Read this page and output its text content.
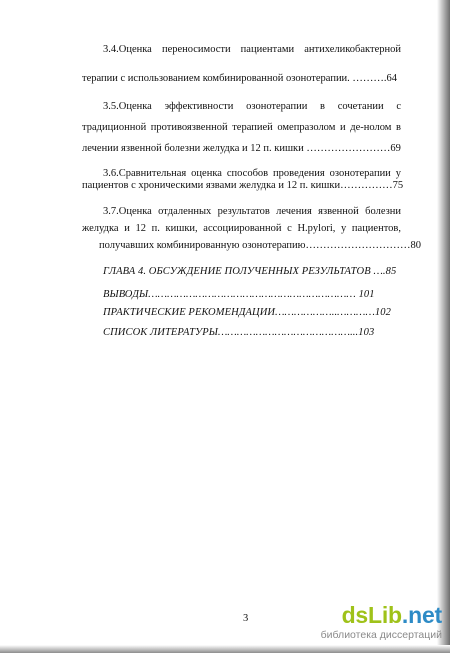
3.4.Оценка переносимости пациентами антихеликобактерной
терапии с использованием комбинированной озонотерапии. ……….64
3.5.Оценка эффективности озонотерапии в сочетании с
традиционной противоязвенной терапией омепразолом и де-нолом в
лечении язвенной болезни желудка и 12 п. кишки ……………………69
3.6.Сравнительная оценка способов проведения озонотерапии у
пациентов с хроническими язвами желудка и 12 п. кишки……………75
3.7.Оценка отдаленных результатов лечения язвенной болезни
желудка и 12 п. кишки, ассоциированной с H.pylori, у пациентов,
получавших комбинированную озонотерапию…………………………80
ГЛАВА 4. ОБСУЖДЕНИЕ ПОЛУЧЕННЫХ РЕЗУЛЬТАТОВ ….85
ВЫВОДЫ………………………………………………………… 101
ПРАКТИЧЕСКИЕ РЕКОМЕНДАЦИИ………………..…………102
СПИСОК ЛИТЕРАТУРЫ……………………………………...103
3	dsLib.net
библиотека диссертаций
